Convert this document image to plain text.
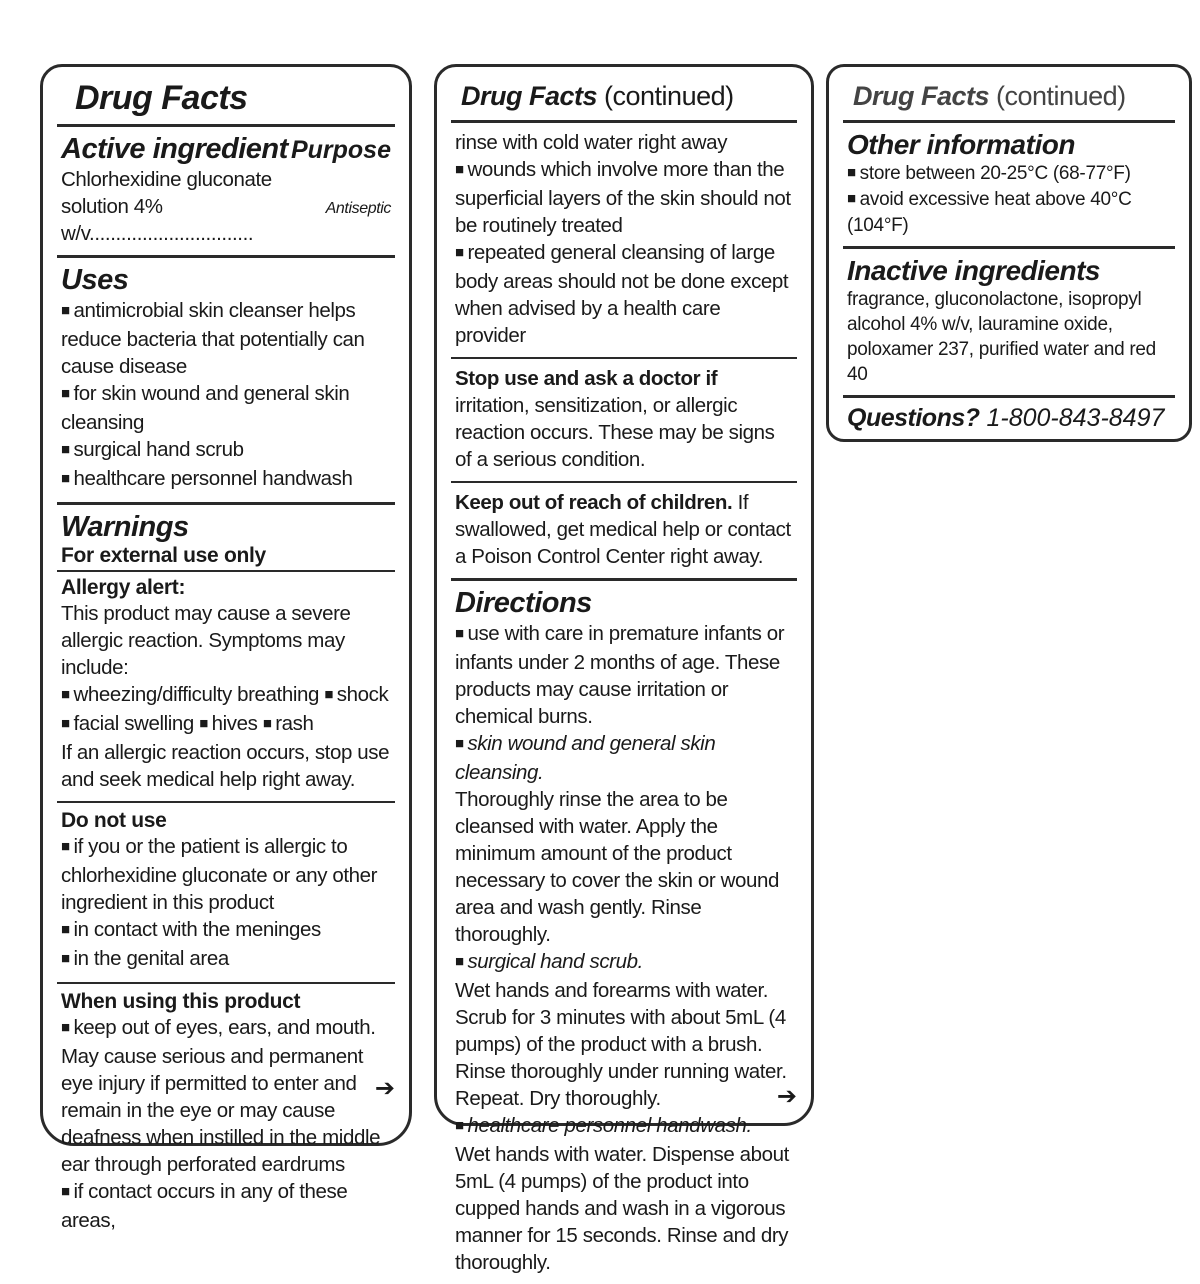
Drug Facts
Active ingredient Purpose
Chlorhexidine gluconate
solution 4% w/v...............................
Antiseptic
Uses
■ antimicrobial skin cleanser helps reduce bacteria that potentially can cause disease
■ for skin wound and general skin cleansing
■ surgical hand scrub
■ healthcare personnel handwash
Warnings
For external use only
Allergy alert:
This product may cause a severe allergic reaction. Symptoms may include:
■ wheezing/difficulty breathing ■ shock
■ facial swelling ■ hives ■ rash
If an allergic reaction occurs, stop use and seek medical help right away.
Do not use
■ if you or the patient is allergic to chlorhexidine gluconate or any other ingredient in this product
■ in contact with the meninges
■ in the genital area
When using this product
■ keep out of eyes, ears, and mouth. May cause serious and permanent eye injury if permitted to enter and remain in the eye or may cause deafness when instilled in the middle ear through perforated eardrums
■ if contact occurs in any of these areas,
➔
Drug Facts (continued)
rinse with cold water right away
■ wounds which involve more than the superficial layers of the skin should not be routinely treated
■ repeated general cleansing of large body areas should not be done except when advised by a health care provider
Stop use and ask a doctor if irritation, sensitization, or allergic reaction occurs. These may be signs of a serious condition.
Keep out of reach of children. If swallowed, get medical help or contact a Poison Control Center right away.
Directions
■ use with care in premature infants or infants under 2 months of age. These products may cause irritation or chemical burns.
■ skin wound and general skin cleansing.
Thoroughly rinse the area to be cleansed with water. Apply the minimum amount of the product necessary to cover the skin or wound area and wash gently. Rinse thoroughly.
■ surgical hand scrub.
Wet hands and forearms with water. Scrub for 3 minutes with about 5mL (4 pumps) of the product with a brush. Rinse thoroughly under running water. Repeat. Dry thoroughly.
■ healthcare personnel handwash.
Wet hands with water. Dispense about 5mL (4 pumps) of the product into cupped hands and wash in a vigorous manner for 15 seconds. Rinse and dry thoroughly.
➔
Drug Facts (continued)
Other information
■ store between 20-25°C (68-77°F)
■ avoid excessive heat above 40°C (104°F)
Inactive ingredients
fragrance, gluconolactone, isopropyl alcohol 4% w/v, lauramine oxide, poloxamer 237, purified water and red 40
Questions? 1-800-843-8497
